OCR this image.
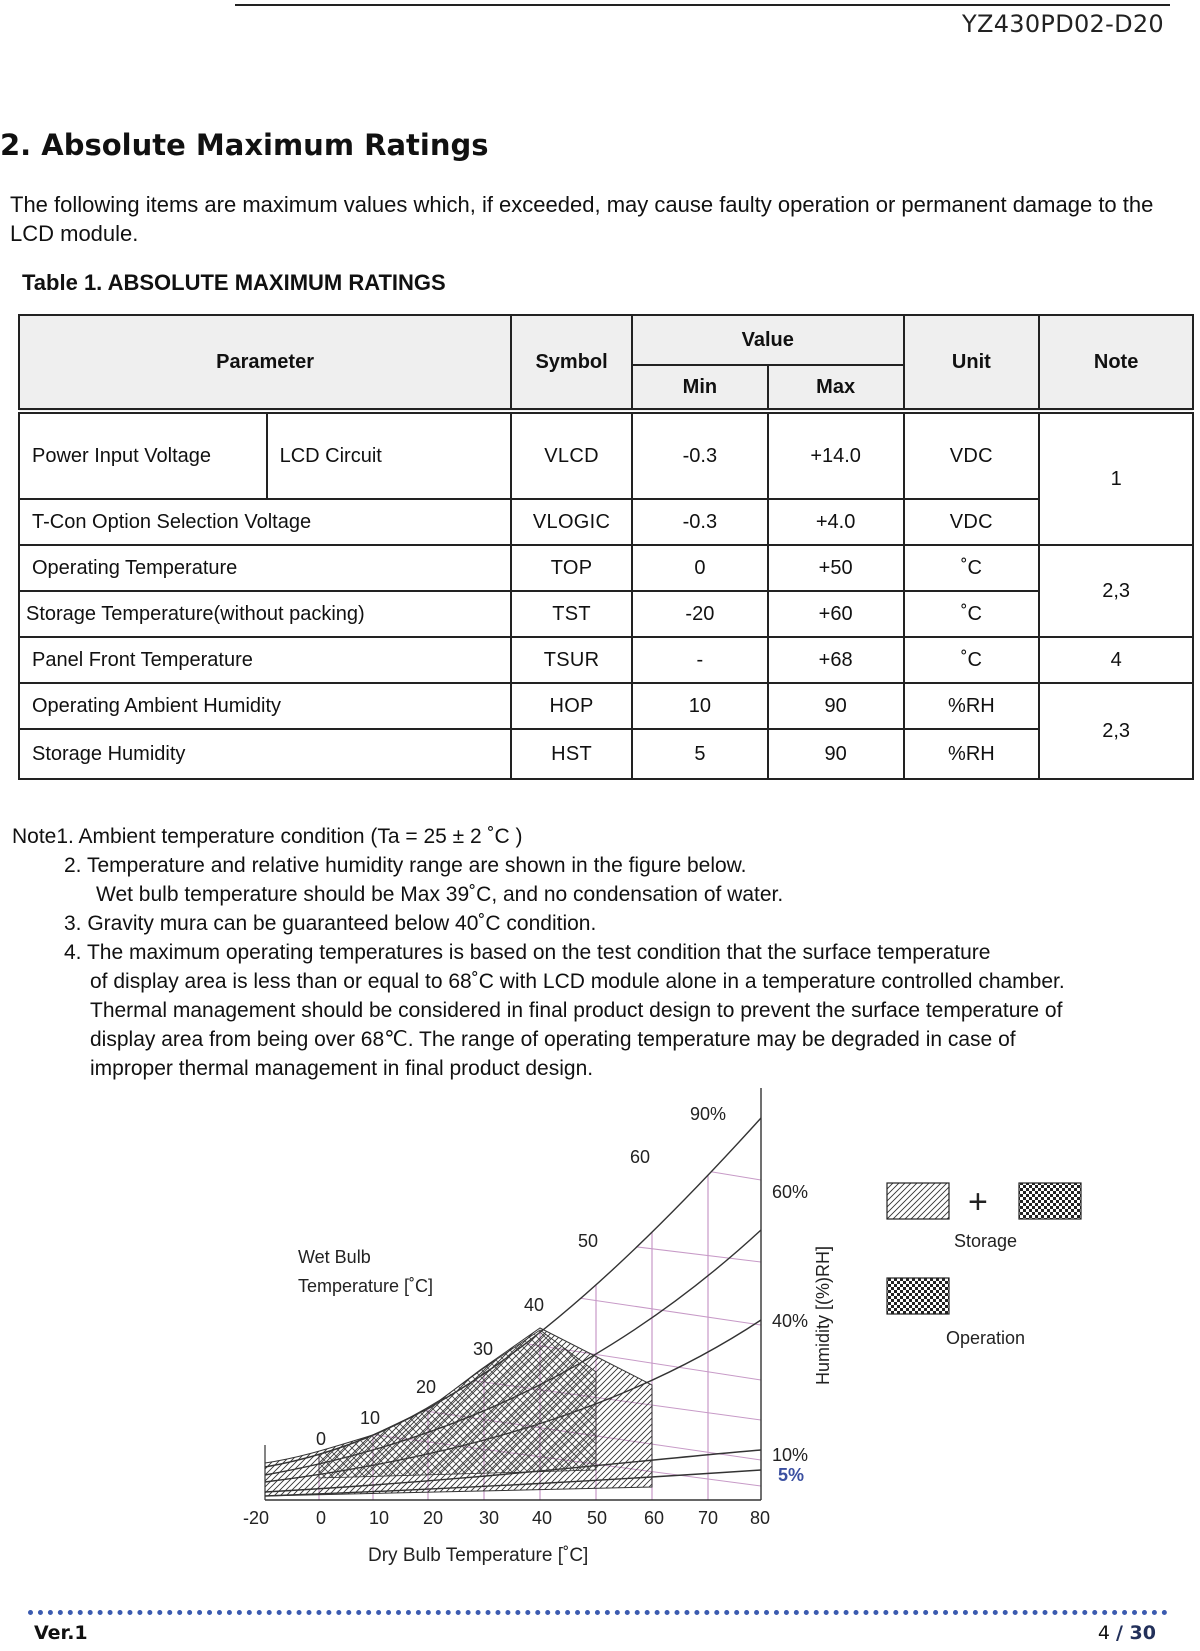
YZ430PD02-D20
2. Absolute Maximum Ratings
The following items are maximum values which, if exceeded, may cause faulty operation or permanent damage to the LCD module.
Table 1. ABSOLUTE MAXIMUM RATINGS
Parameter		Symbol	Value		Unit	Note
			Min	Max		
Power Input Voltage	LCD Circuit	VLCD	-0.3	+14.0	VDC	1
T-Con Option Selection Voltage		VLOGIC	-0.3	+4.0	VDC	
Operating Temperature		TOP	0	+50	˚C	2,3
Storage Temperature(without packing)		TST	-20	+60	˚C	
Panel Front Temperature		TSUR	-	+68	˚C	4
Operating Ambient Humidity		HOP	10	90	%RH	2,3
Storage Humidity		HST	5	90	%RH	
Note1. Ambient temperature condition (Ta = 25 ± 2 ˚C )
2. Temperature and relative humidity range are shown in the figure below.
Wet bulb temperature should be Max 39˚C, and no condensation of water.
3. Gravity mura can be guaranteed below 40˚C condition.
4. The maximum operating temperatures is based on the test condition that the surface temperature
of display area is less than or equal to 68˚C with LCD module alone in a temperature controlled chamber.
Thermal management should be considered in final product design to prevent the surface temperature of
display area from being over 68℃. The range of operating temperature may be degraded in case of
improper thermal management in final product design.
-20	0 10 20 30 40 50 60 70 80
Dry Bulb Temperature [˚C]
Wet Bulb
Temperature [˚C]
0
10
20
30
40
50
60
90%
60%
40%
10%
5%
Humidity [(%)RH]
+
Storage
Operation
Ver.1	4 / 30
